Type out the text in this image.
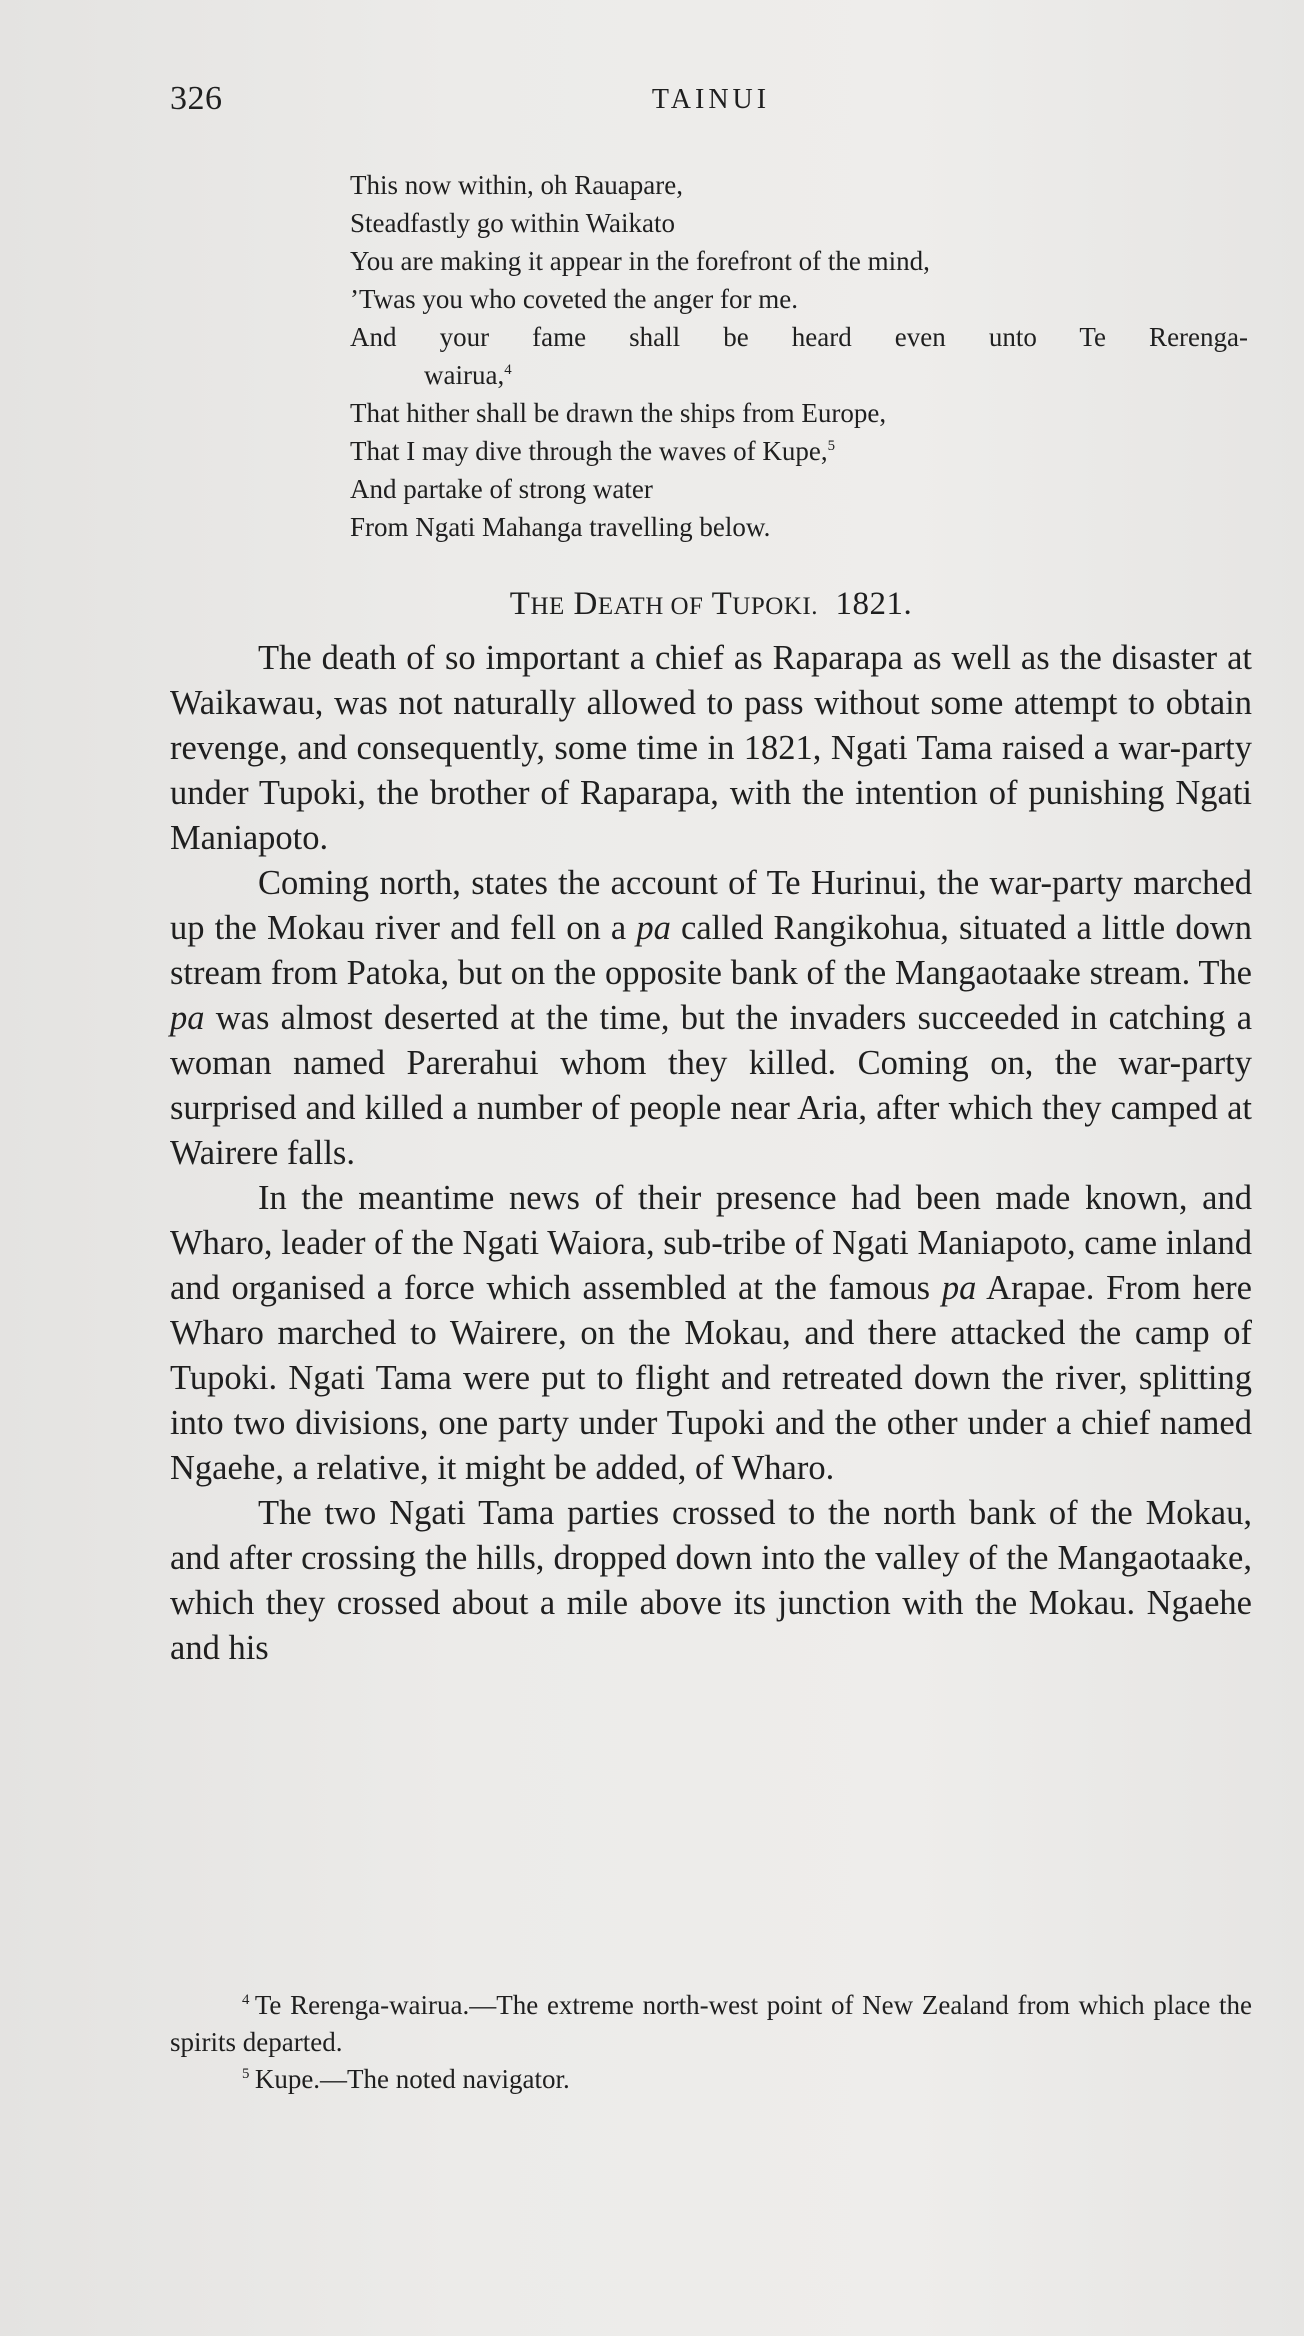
326	TAINUI
This now within, oh Rauapare,
Steadfastly go within Waikato
You are making it appear in the forefront of the mind,
’Twas you who coveted the anger for me.
And your fame shall be heard even unto Te Rerenga-
wairua,$^4$
That hither shall be drawn the ships from Europe,
That I may dive through the waves of Kupe,$^5$
And partake of strong water
From Ngati Mahanga travelling below.
THE DEATH OF TUPOKI. 1821.

The death of so important a chief as Raparapa as well as the disaster at Waikawau, was not naturally allowed to pass without some attempt to obtain revenge, and consequently, some time in 1821, Ngati Tama raised a war-party under Tupoki, the brother of Raparapa, with the intention of punishing Ngati Maniapoto.

Coming north, states the account of Te Hurinui, the war-party marched up the Mokau river and fell on a pa called Rangikohua, situated a little down stream from Patoka, but on the opposite bank of the Mangaotaake stream. The pa was almost deserted at the time, but the invaders succeeded in catching a woman named Parerahui whom they killed. Coming on, the war-party surprised and killed a number of people near Aria, after which they camped at Wairere falls.

In the meantime news of their presence had been made known, and Wharo, leader of the Ngati Waiora, sub-tribe of Ngati Maniapoto, came inland and organised a force which assembled at the famous pa Arapae. From here Wharo marched to Wairere, on the Mokau, and there attacked the camp of Tupoki. Ngati Tama were put to flight and retreated down the river, splitting into two divisions, one party under Tupoki and the other under a chief named Ngaehe, a relative, it might be added, of Wharo.

The two Ngati Tama parties crossed to the north bank of the Mokau, and after crossing the hills, dropped down into the valley of the Mangaotaake, which they crossed about a mile above its junction with the Mokau. Ngaehe and his

$^4$  Te Rerenga-wairua.—The extreme north-west point of New Zealand from which place the spirits departed.
$^5$  Kupe.—The noted navigator.
